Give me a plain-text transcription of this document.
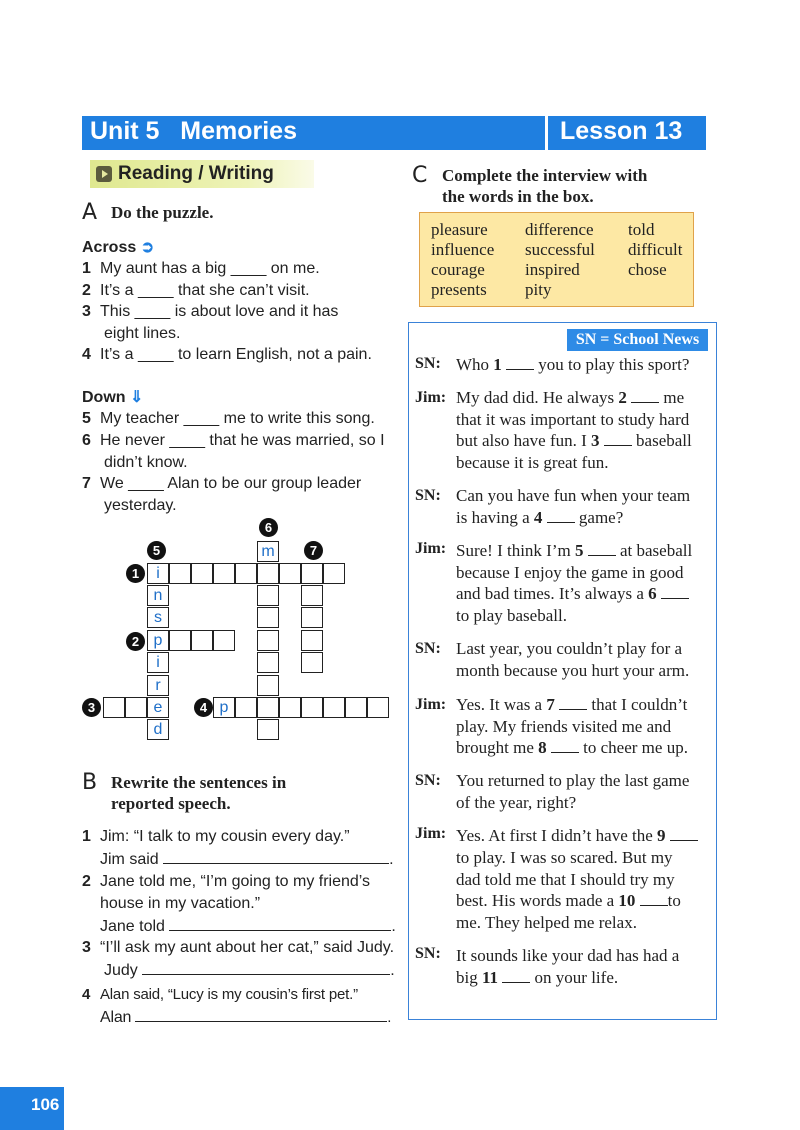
Unit 5   Memories	Lesson 13
Reading / Writing
A Do the puzzle.
Across ➲
1 My aunt has a big ____ on me.
2 It’s a ____ that she can’t visit.
3 This ____ is about love and it has
eight lines.
4 It’s a ____ to learn English, not a pain.
Down ⇓
5 My teacher ____ me to write this song.
6 He never ____ that he was married, so I
didn’t know.
7 We ____ Alan to be our group leader
yesterday.
6
5	7
1
2
3	4
m
i
n
s
p
i
r
e	p
d
B Rewrite the sentences in
reported speech.
1 Jim: “I talk to my cousin every day.”
Jim said	.
2 Jane told me, “I’m going to my friend’s
house in my vacation.”
Jane told	.
3 “I’ll ask my aunt about her cat,” said Judy.
Judy	.
4 Alan said, “Lucy is my cousin’s first pet.”
Alan	.
C Complete the interview with
the words in the box.
pleasure difference told
influence successful difficult
courage inspired	chose
presents pity
SN = School News
SN: Who 1  you to play this sport?
Jim: My dad did. He always 2  me
that it was important to study hard
but also have fun. I 3  baseball
because it is great fun.
SN: Can you have fun when your team
is having a 4  game?
Jim: Sure! I think I’m 5  at baseball
because I enjoy the game in good
and bad times. It’s always a 6
to play baseball.
SN: Last year, you couldn’t play for a
month because you hurt your arm.
Jim: Yes. It was a 7  that I couldn’t
play. My friends visited me and
brought me 8  to cheer me up.
SN: You returned to play the last game
of the year, right?
Jim: Yes. At first I didn’t have the 9
to play. I was so scared. But my
dad told me that I should try my
best. His words made a 10 to
me. They helped me relax.
SN: It sounds like your dad has had a
big 11  on your life.
106
